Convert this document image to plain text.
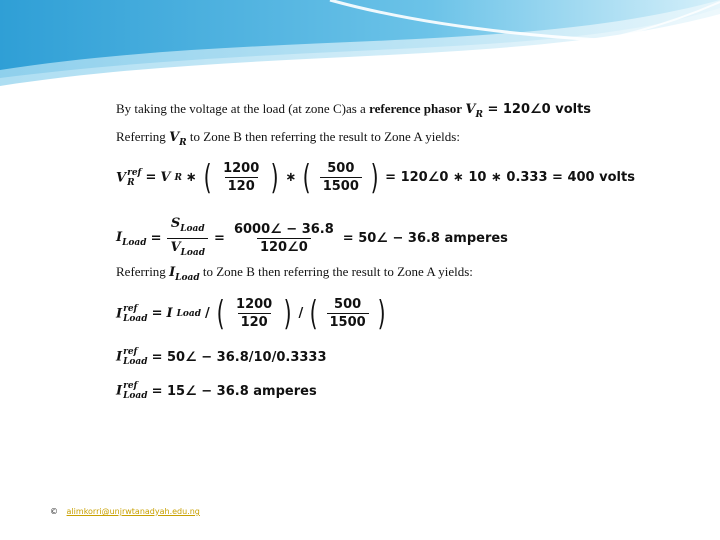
By taking the voltage at the load (at zone C)as a reference phasor $V_R$ = 120∠0 volts
Referring $V_R$ to Zone B then referring the result to Zone A yields:
V ref
R = V R ∗ ( $\frac{1200}{120}$ ) ∗ ( $\frac{500}{1500}$ ) = 120∠0 ∗ 10 ∗ 0.333 = 400 volts
$I_{Load} = \frac{S_{Load}}{V_{Load}} = \frac{6000\angle - 36.8}{120\angle 0}$ = 50∠ − 36.8 amperes
Referring $I_{Load}$ to Zone B then referring the result to Zone A yields:
I ref
Load = I Load / ( $\frac{1200}{120}$ ) / ( $\frac{500}{1500}$ )
I ref
Load = 50∠ − 36.8/10/0.3333
I ref
Load = 15∠ − 36.8 amperes
© alimkorri@unjrwtanadyah.edu.ng
